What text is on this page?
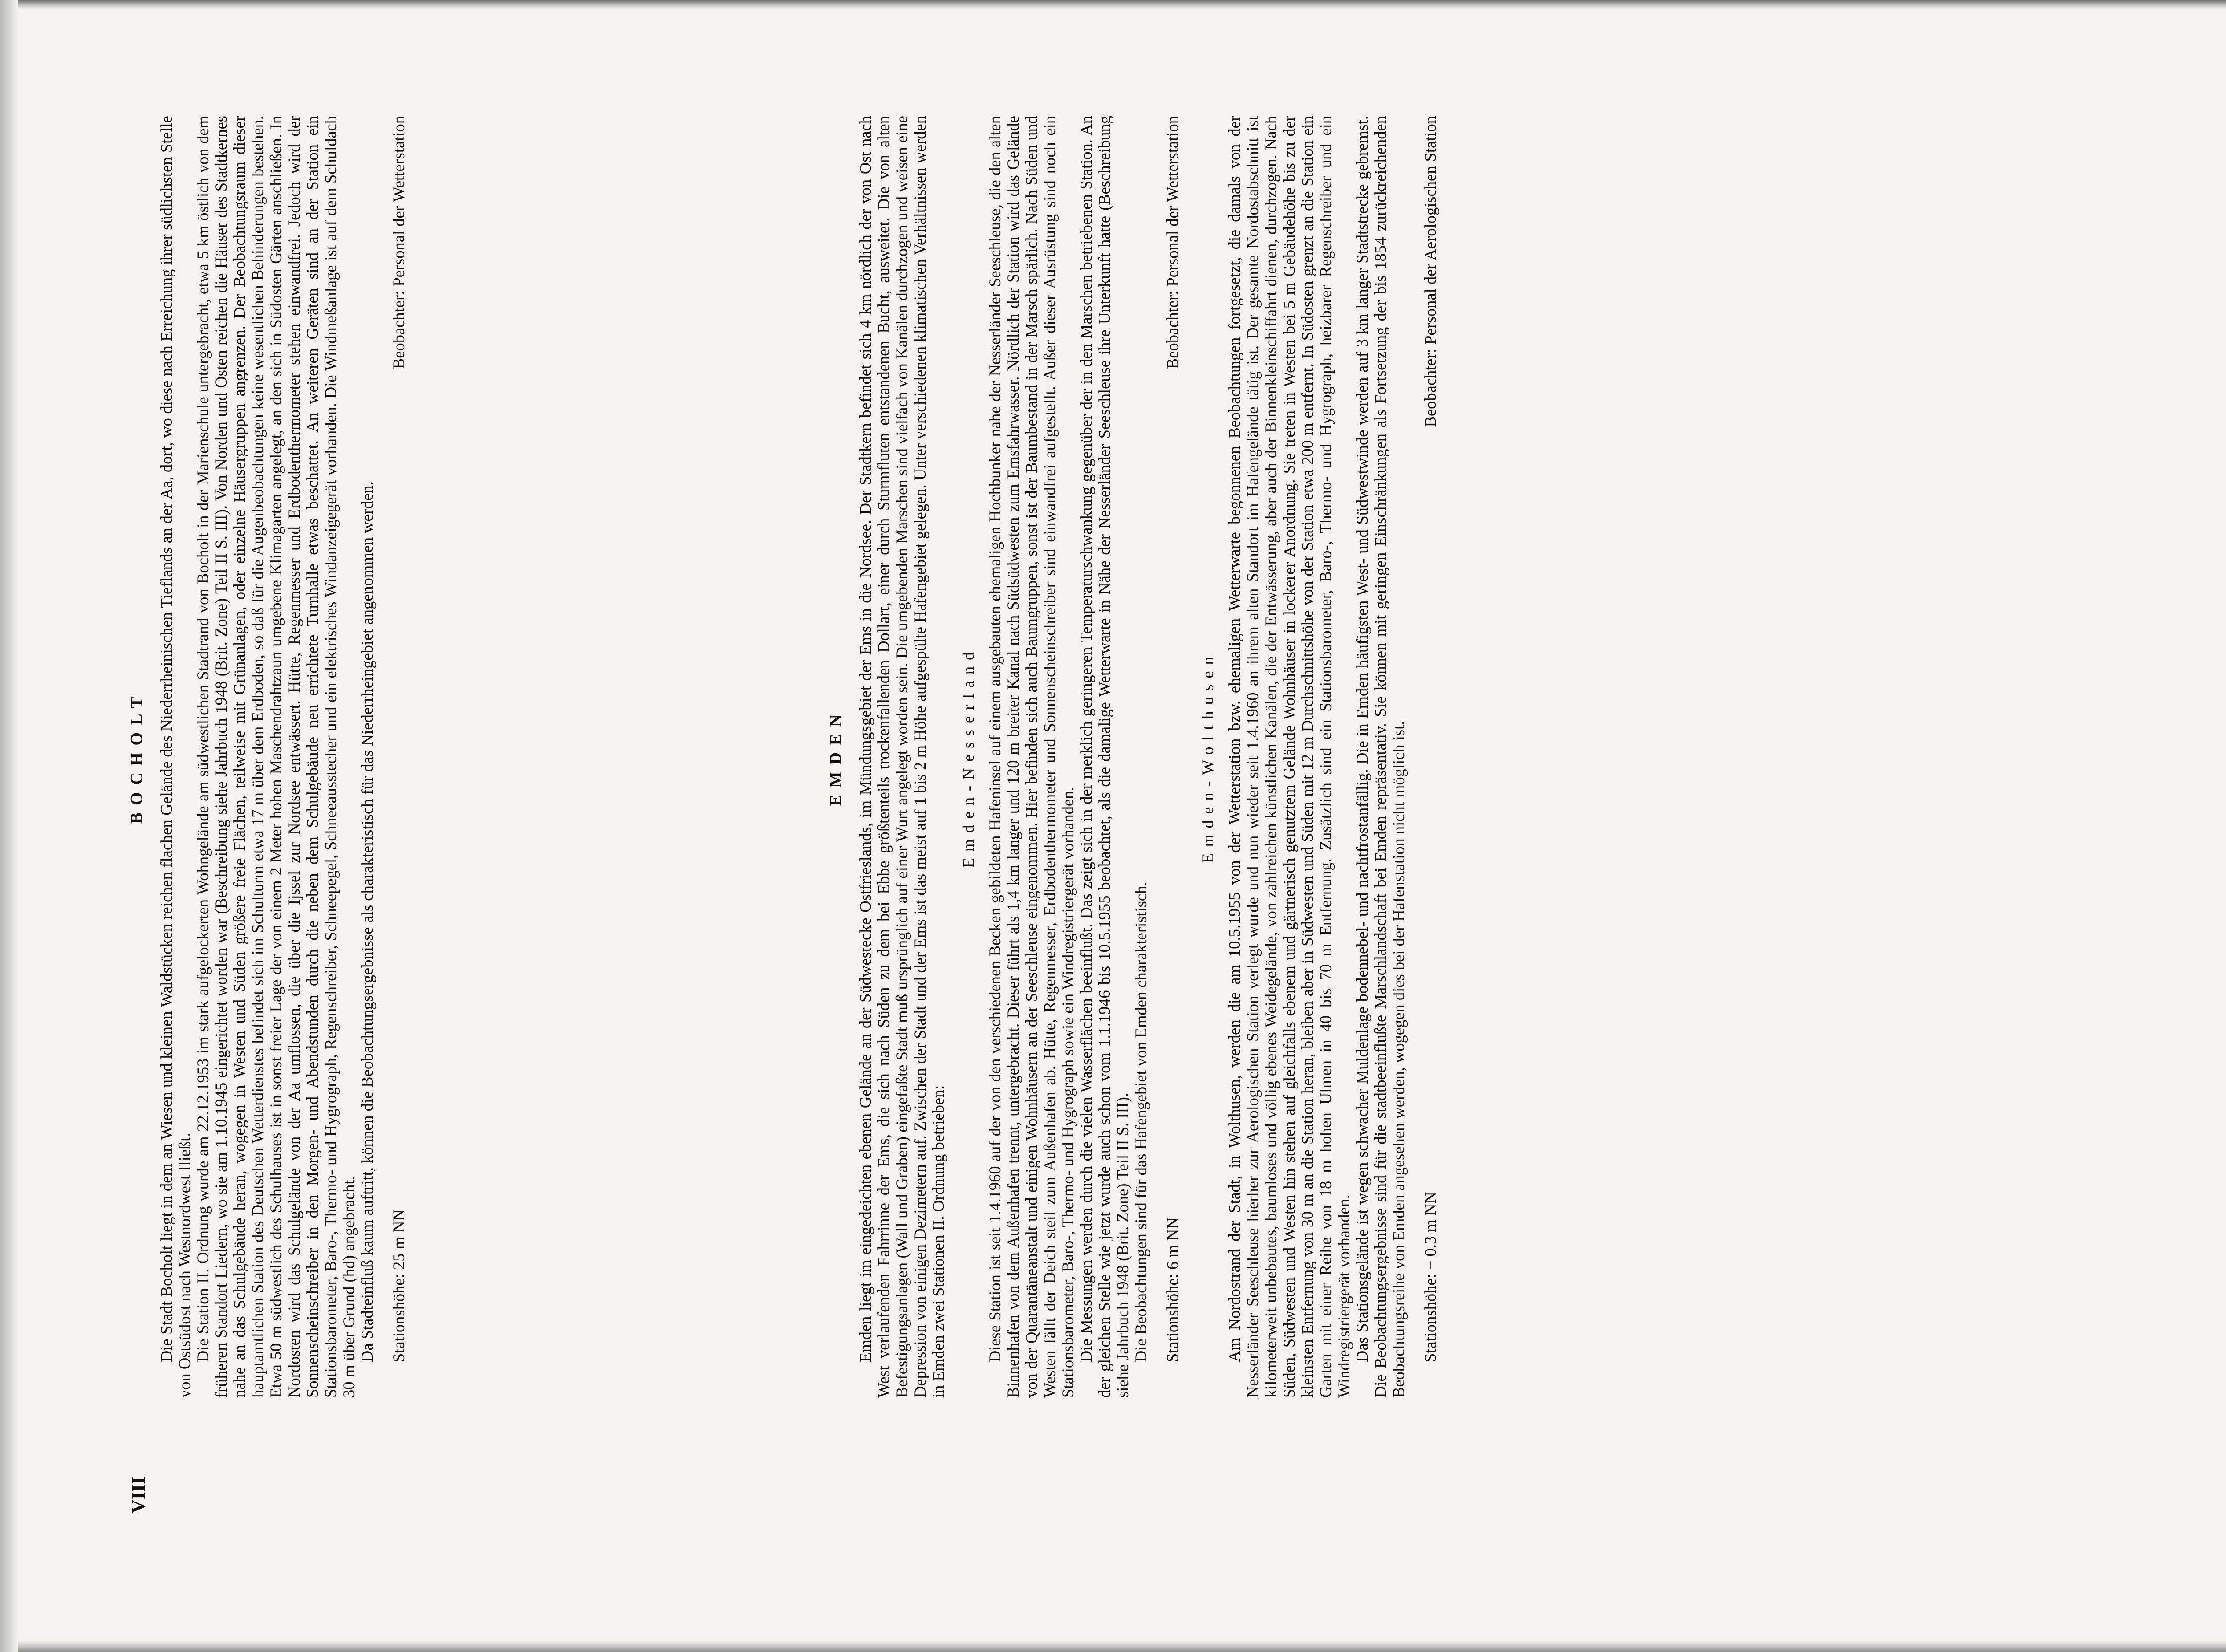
VIII
BOCHOLT Die Stadt Bocholt liegt in dem an Wiesen und kleinen Waldstücken reichen flachen Gelände des Niederrheinischen Tieflands an der Aa, dort, wo diese nach Erreichung ihrer südlichsten Stelle von Ostsüdost nach Westnordwest fließt. Die Station II. Ordnung wurde am 22.12.1953 im stark aufgelockerten Wohngelände am südwestlichen Stadtrand von Bocholt in der Marienschule untergebracht, etwa 5 km östlich von dem früheren Standort Liedern, wo sie am 1.10.1945 eingerichtet worden war (Beschreibung siehe Jahrbuch 1948 (Brit. Zone) Teil II S. III). Von Norden und Osten reichen die Häuser des Stadtkernes nahe an das Schulgebäude heran, wogegen in Westen und Süden größere freie Flächen, teilweise mit Grünanlagen, oder einzelne Häusergruppen angrenzen. Der Beobachtungsraum dieser hauptamtlichen Station des Deutschen Wetterdienstes befindet sich im Schulturm etwa 17 m über dem Erdboden, so daß für die Augenbeobachtungen keine wesentlichen Behinderungen bestehen. Etwa 50 m südwestlich des Schulhauses ist in sonst freier Lage der von einem 2 Meter hohen Maschendrahtzaun umgebene Klimagarten angelegt, an den sich in Südosten Gärten anschließen. In Nordosten wird das Schulgelände von der Aa umflossen, die über die Ijssel zur Nordsee entwässert. Hütte, Regenmesser und Erdbodenthermometer stehen einwandfrei. Jedoch wird der Sonnenscheinschreiber in den Morgen- und Abendstunden durch die neben dem Schulgebäude neu errichtete Turnhalle etwas beschattet. An weiteren Geräten sind an der Station ein Stationsbarometer, Baro-, Thermo- und Hygrograph, Regenschreiber, Schneepegel, Schneeausstecher und ein elektrisches Windanzeigegerät vorhanden. Die Windmeßanlage ist auf dem Schuldach 30 m über Grund (hd) angebracht. Da Stadteinfluß kaum auftritt, können die Beobachtungsergebnisse als charakteristisch für das Niederrheingebiet angenommen werden. Stationshöhe: 25 m NN
Beobachter: Personal der Wetterstation
EMDEN Emden liegt im eingedeichten ebenen Gelände an der Südwestecke Ostfrieslands, im Mündungsgebiet der Ems in die Nordsee. Der Stadtkern befindet sich 4 km nördlich der von Ost nach West verlaufenden Fahrrinne der Ems, die sich nach Süden zu dem bei Ebbe größtenteils trockenfallenden Dollart, einer durch Sturmfluten entstandenen Bucht, ausweitet. Die von alten Befestigungsanlagen (Wall und Graben) eingefaßte Stadt muß ursprünglich auf einer Wurt angelegt worden sein. Die umgebenden Marschen sind vielfach von Kanälen durchzogen und weisen eine Depression von einigen Dezimetern auf. Zwischen der Stadt und der Ems ist das meist auf 1 bis 2 m Höhe aufgespülte Hafengebiet gelegen. Unter verschiedenen klimatischen Verhältnissen werden in Emden zwei Stationen II. Ordnung betrieben:

Emden-Nesserland Diese Station ist seit 1.4.1960 auf der von den verschiedenen Becken gebildeten Hafeninsel auf einem ausgebauten ehemaligen Hochbunker nahe der Nesserländer Seeschleuse, die den alten Binnenhafen von dem Außenhafen trennt, untergebracht. Dieser führt als 1,4 km langer und 120 m breiter Kanal nach Südsüdwesten zum Emsfahrwasser. Nördlich der Station wird das Gelände von der Quarantäneanstalt und einigen Wohnhäusern an der Seeschleuse eingenommen. Hier befinden sich auch Baumgruppen, sonst ist der Baumbestand in der Marsch spärlich. Nach Süden und Westen fällt der Deich steil zum Außenhafen ab. Hütte, Regenmesser, Erdbodenthermometer und Sonnenscheinschreiber sind einwandfrei aufgestellt. Außer dieser Ausrüstung sind noch ein Stationsbarometer, Baro-, Thermo- und Hygrograph sowie ein Windregistriergerät vorhanden. Die Messungen werden durch die vielen Wasserflächen beeinflußt. Das zeigt sich in der merklich geringeren Temperaturschwankung gegenüber der in den Marschen betriebenen Station. An der gleichen Stelle wie jetzt wurde auch schon vom 1.1.1946 bis 10.5.1955 beobachtet, als die damalige Wetterwarte in Nähe der Nesserländer Seeschleuse ihre Unterkunft hatte (Beschreibung siehe Jahrbuch 1948 (Brit. Zone) Teil II S. III). Die Beobachtungen sind für das Hafengebiet von Emden charakteristisch. Stationshöhe: 6 m NN
Beobachter: Personal der Wetterstation
Emden-Wolthusen Am Nordostrand der Stadt, in Wolthusen, werden die am 10.5.1955 von der Wetterstation bzw. ehemaligen Wetterwarte begonnenen Beobachtungen fortgesetzt, die damals von der Nesserländer Seeschleuse hierher zur Aerologischen Station verlegt wurde und nun wieder seit 1.4.1960 an ihrem alten Standort im Hafengelände tätig ist. Der gesamte Nordostabschnitt ist kilometerweit unbebautes, baumloses und völlig ebenes Weidegelände, von zahlreichen künstlichen Kanälen, die der Entwässerung, aber auch der Binnenkleinschiffahrt dienen, durchzogen. Nach Süden, Südwesten und Westen hin stehen auf gleichfalls ebenem und gärtnerisch genutztem Gelände Wohnhäuser in lockerer Anordnung. Sie treten in Westen bei 5 m Gebäudehöhe bis zu der kleinsten Entfernung von 30 m an die Station heran, bleiben aber in Südwesten und Süden mit 12 m Durchschnittshöhe von der Station etwa 200 m entfernt. In Südosten grenzt an die Station ein Garten mit einer Reihe von 18 m hohen Ulmen in 40 bis 70 m Entfernung. Zusätzlich sind ein Stationsbarometer, Baro-, Thermo- und Hygrograph, heizbarer Regenschreiber und ein Windregistriergerät vorhanden. Das Stationsgelände ist wegen schwacher Muldenlage bodennebel- und nachtfrostanfällig. Die in Emden häufigsten West- und Südwestwinde werden auf 3 km langer Stadtstrecke gebremst. Die Beobachtungsergebnisse sind für die stadtbeeinflußte Marschlandschaft bei Emden repräsentativ. Sie können mit geringen Einschränkungen als Fortsetzung der bis 1854 zurückreichenden Beobachtungsreihe von Emden angesehen werden, wogegen dies bei der Hafenstation nicht möglich ist. Stationshöhe: − 0.3 m NN
Beobachter: Personal der Aerologischen Station
